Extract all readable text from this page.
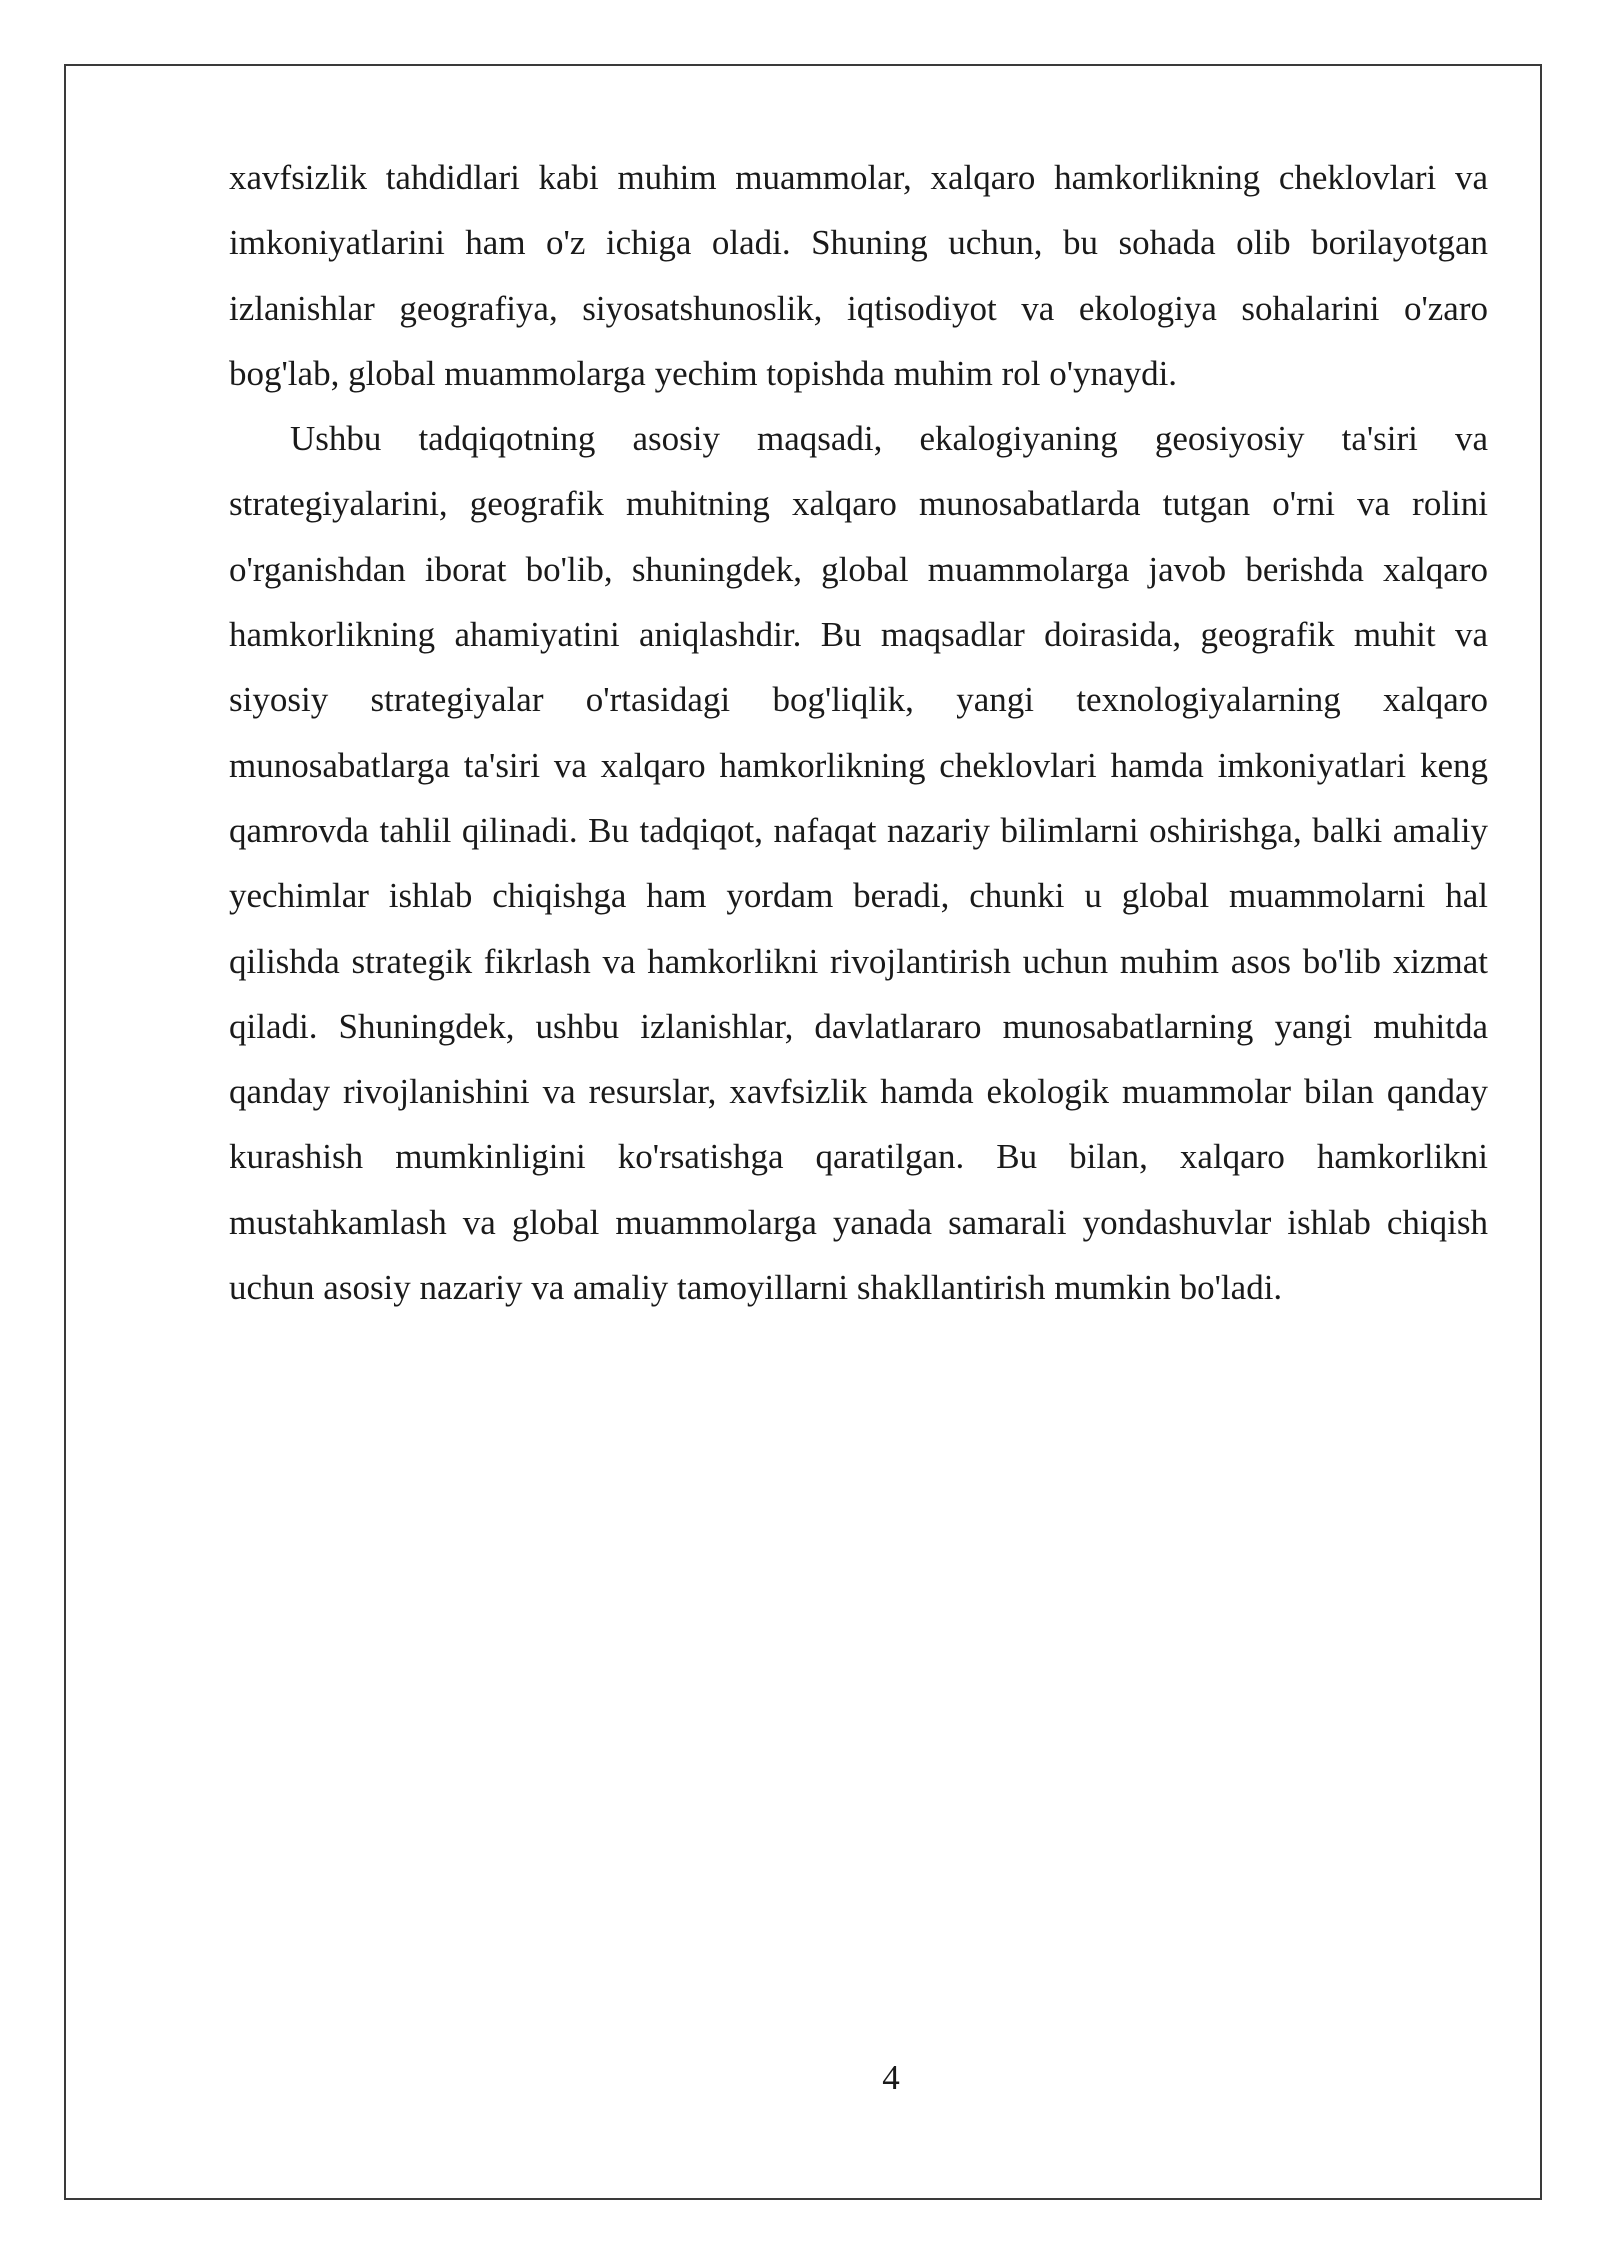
xavfsizlik tahdidlari kabi muhim muammolar, xalqaro hamkorlikning cheklovlari va imkoniyatlarini ham o'z ichiga oladi. Shuning uchun, bu sohada olib borilayotgan izlanishlar geografiya, siyosatshunoslik, iqtisodiyot va ekologiya sohalarini o'zaro bog'lab, global muammolarga yechim topishda muhim rol o'ynaydi.

Ushbu tadqiqotning asosiy maqsadi, ekalogiyaning geosiyosiy ta'siri va strategiyalarini, geografik muhitning xalqaro munosabatlarda tutgan o'rni va rolini o'rganishdan iborat bo'lib, shuningdek, global muammolarga javob berishda xalqaro hamkorlikning ahamiyatini aniqlashdir. Bu maqsadlar doirasida, geografik muhit va siyosiy strategiyalar o'rtasidagi bog'liqlik, yangi texnologiyalarning xalqaro munosabatlarga ta'siri va xalqaro hamkorlikning cheklovlari hamda imkoniyatlari keng qamrovda tahlil qilinadi. Bu tadqiqot, nafaqat nazariy bilimlarni oshirishga, balki amaliy yechimlar ishlab chiqishga ham yordam beradi, chunki u global muammolarni hal qilishda strategik fikrlash va hamkorlikni rivojlantirish uchun muhim asos bo'lib xizmat qiladi. Shuningdek, ushbu izlanishlar, davlatlararo munosabatlarning yangi muhitda qanday rivojlanishini va resurslar, xavfsizlik hamda ekologik muammolar bilan qanday kurashish mumkinligini ko'rsatishga qaratilgan. Bu bilan, xalqaro hamkorlikni mustahkamlash va global muammolarga yanada samarali yondashuvlar ishlab chiqish uchun asosiy nazariy va amaliy tamoyillarni shakllantirish mumkin bo'ladi.

4
